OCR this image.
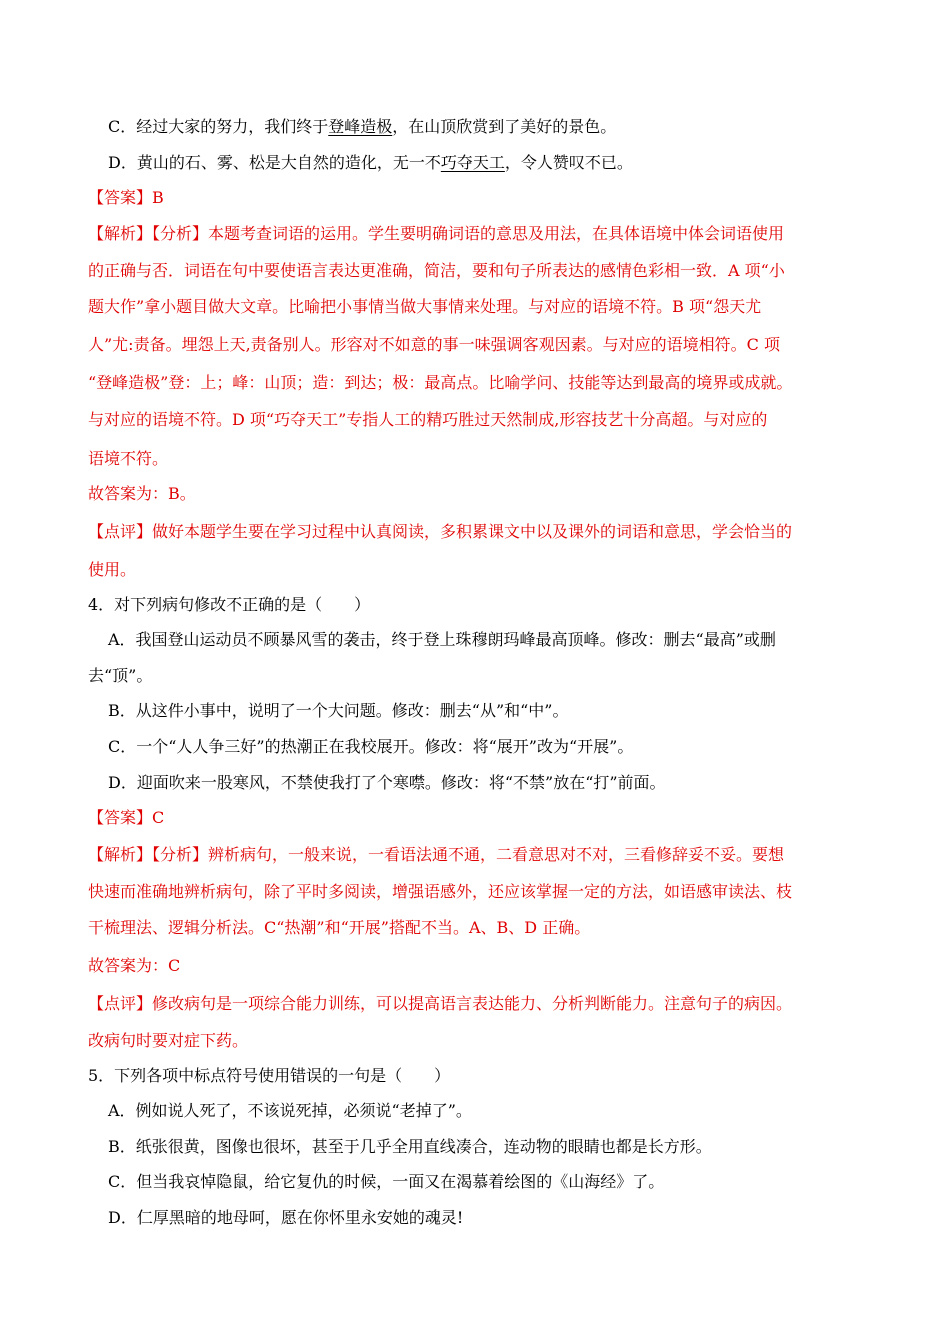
C．经过大家的努力，我们终于登峰造极，在山顶欣赏到了美好的景色。
D．黄山的石、雾、松是大自然的造化，无一不巧夺天工，令人赞叹不已。
【答案】B
【解析】【分析】本题考查词语的运用。学生要明确词语的意思及用法，在具体语境中体会词语使用
的正确与否．词语在句中要使语言表达更准确，简洁，要和句子所表达的感情色彩相一致．A 项“小
题大作”拿小题目做大文章。比喻把小事情当做大事情来处理。与对应的语境不符。B 项“怨天尤
人”尤:责备。埋怨上天,责备别人。形容对不如意的事一味强调客观因素。与对应的语境相符。C 项
“登峰造极”登：上；峰：山顶；造：到达；极：最高点。比喻学问、技能等达到最高的境界或成就。
与对应的语境不符。D 项“巧夺天工”专指人工的精巧胜过天然制成,形容技艺十分高超。与对应的
语境不符。
故答案为：B。
【点评】做好本题学生要在学习过程中认真阅读，多积累课文中以及课外的词语和意思，学会恰当的
使用。
4．对下列病句修改不正确的是（　　）
A．我国登山运动员不顾暴风雪的袭击，终于登上珠穆朗玛峰最高顶峰。修改：删去“最高”或删
去“顶”。
B．从这件小事中，说明了一个大问题。修改：删去“从”和“中”。
C．一个“人人争三好”的热潮正在我校展开。修改：将“展开”改为“开展”。
D．迎面吹来一股寒风，不禁使我打了个寒噤。修改：将“不禁”放在“打”前面。
【答案】C
【解析】【分析】辨析病句，一般来说，一看语法通不通，二看意思对不对，三看修辞妥不妥。要想
快速而准确地辨析病句，除了平时多阅读，增强语感外，还应该掌握一定的方法，如语感审读法、枝
干梳理法、逻辑分析法。C“热潮”和“开展”搭配不当。A、B、D 正确。
故答案为：C
【点评】修改病句是一项综合能力训练，可以提高语言表达能力、分析判断能力。注意句子的病因。
改病句时要对症下药。
5．下列各项中标点符号使用错误的一句是（　　）
A．例如说人死了，不该说死掉，必须说“老掉了”。
B．纸张很黄，图像也很坏，甚至于几乎全用直线凑合，连动物的眼睛也都是长方形。
C．但当我哀悼隐鼠，给它复仇的时候，一面又在渴慕着绘图的《山海经》了。
D．仁厚黑暗的地母呵，愿在你怀里永安她的魂灵!
